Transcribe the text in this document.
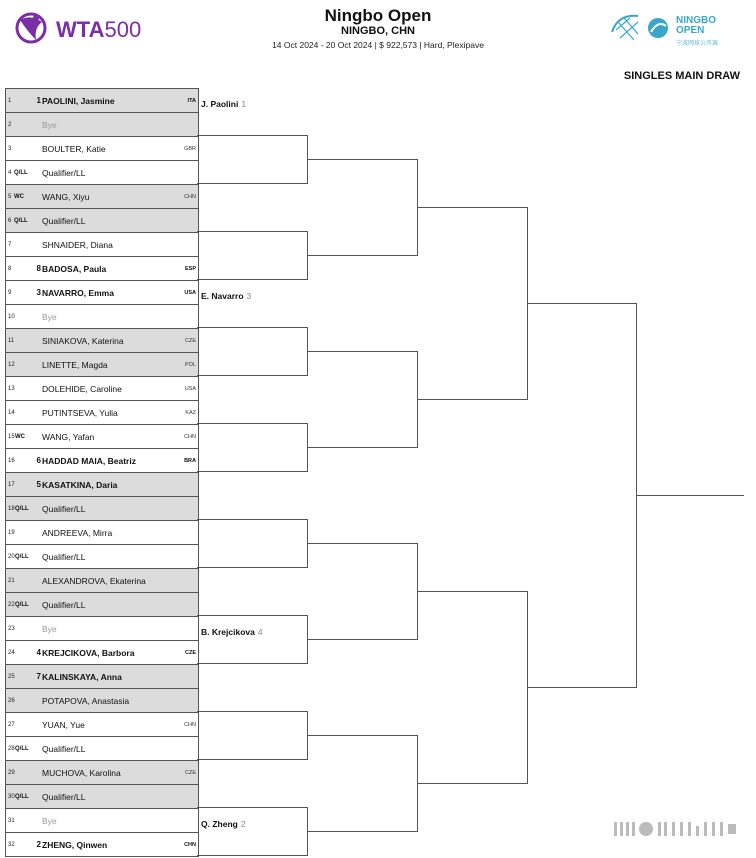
WTA500
Ningbo Open
NINGBO, CHN
14 Oct 2024 - 20 Oct 2024 | $ 922,573 | Hard, Plexipave
NINGBO
OPEN
宁波网球公开赛
SINGLES MAIN DRAW
1	1 PAOLINI, Jasmine	ITA
2	Bye
3	BOULTER, Katie	GBR
4 Q/LL Qualifier/LL
5 WC WANG, Xiyu	CHN
6 Q/LL Qualifier/LL
7	SHNAIDER, Diana
8	8 BADOSA, Paula	ESP
9	3 NAVARRO, Emma	USA
10	Bye
11	SINIAKOVA, Katerina	CZE
12	LINETTE, Magda	POL
13	DOLEHIDE, Caroline	USA
14	PUTINTSEVA, Yulia	KAZ
15 WC WANG, Yafan	CHN
16	6 HADDAD MAIA, Beatriz	BRA
17	5 KASATKINA, Daria
18 Q/LL Qualifier/LL
19	ANDREEVA, Mirra
20 Q/LL Qualifier/LL
21	ALEXANDROVA, Ekaterina
22 Q/LL Qualifier/LL
23	Bye
24	4 KREJCIKOVA, Barbora	CZE
25	7 KALINSKAYA, Anna
26	POTAPOVA, Anastasia
27	YUAN, Yue	CHN
28 Q/LL Qualifier/LL
29	MUCHOVA, Karolina	CZE
30 Q/LL Qualifier/LL
31	Bye
32	2 ZHENG, Qinwen	CHN
J. Paolini 1
E. Navarro 3
B. Krejcikova 4
Q. Zheng 2
